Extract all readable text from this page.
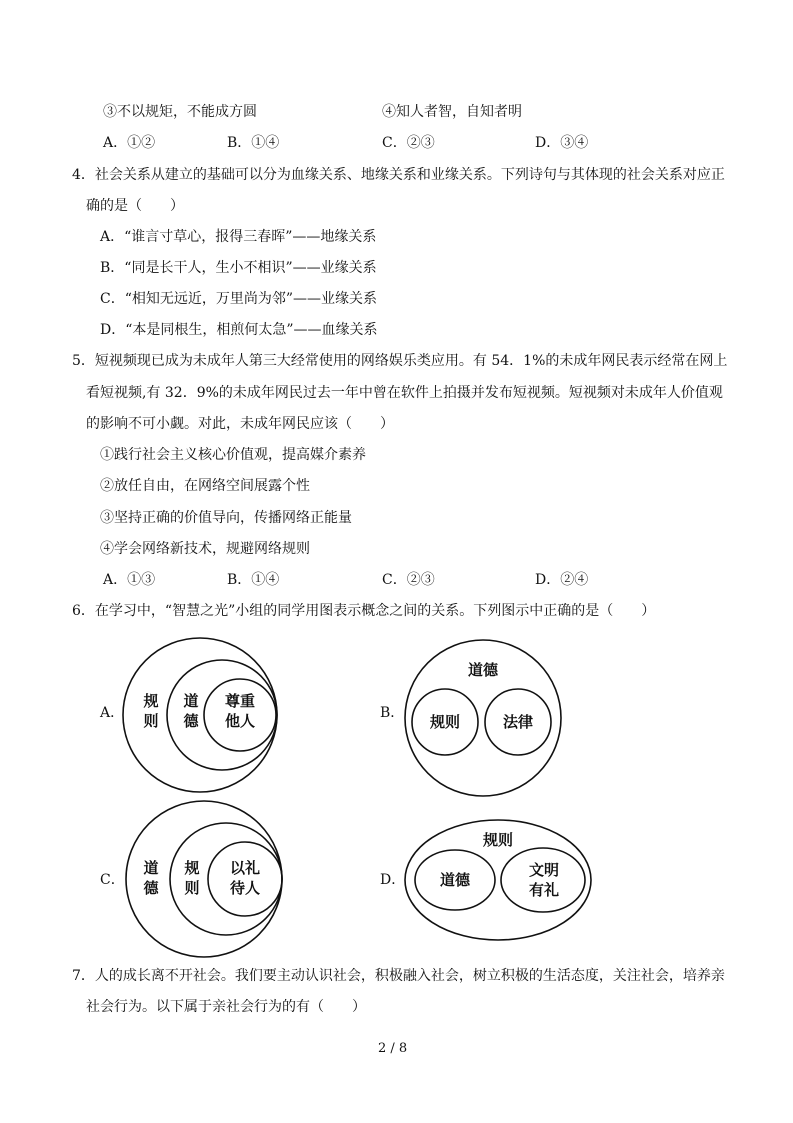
③不以规矩，不能成方圆	④知人者智，自知者明
A．①②	B．①④	C．②③	D．③④
4．社会关系从建立的基础可以分为血缘关系、地缘关系和业缘关系。下列诗句与其体现的社会关系对应正
确的是（　　）
A．“谁言寸草心，报得三春晖”——地缘关系
B．“同是长干人，生小不相识”——业缘关系
C．“相知无远近，万里尚为邻”——业缘关系
D．“本是同根生，相煎何太急”——血缘关系
5．短视频现已成为未成年人第三大经常使用的网络娱乐类应用。有 54．1%的未成年网民表示经常在网上
看短视频,有 32．9%的未成年网民过去一年中曾在软件上拍摄并发布短视频。短视频对未成年人价值观
的影响不可小觑。对此，未成年网民应该（　　）
①践行社会主义核心价值观，提高媒介素养
②放任自由，在网络空间展露个性
③坚持正确的价值导向，传播网络正能量
④学会网络新技术，规避网络规则
A．①③	B．①④	C．②③	D．②④
6．在学习中，“智慧之光”小组的同学用图表示概念之间的关系。下列图示中正确的是（　　）
A．
规
则
道
德
尊重
他人	B．
道德
规则	法律
C．
道
德
规
则
以礼
待人	D．
规则
道德
文明
有礼
7．人的成长离不开社会。我们要主动认识社会，积极融入社会，树立积极的生活态度，关注社会，培养亲
社会行为。以下属于亲社会行为的有（　　）
2 / 8
